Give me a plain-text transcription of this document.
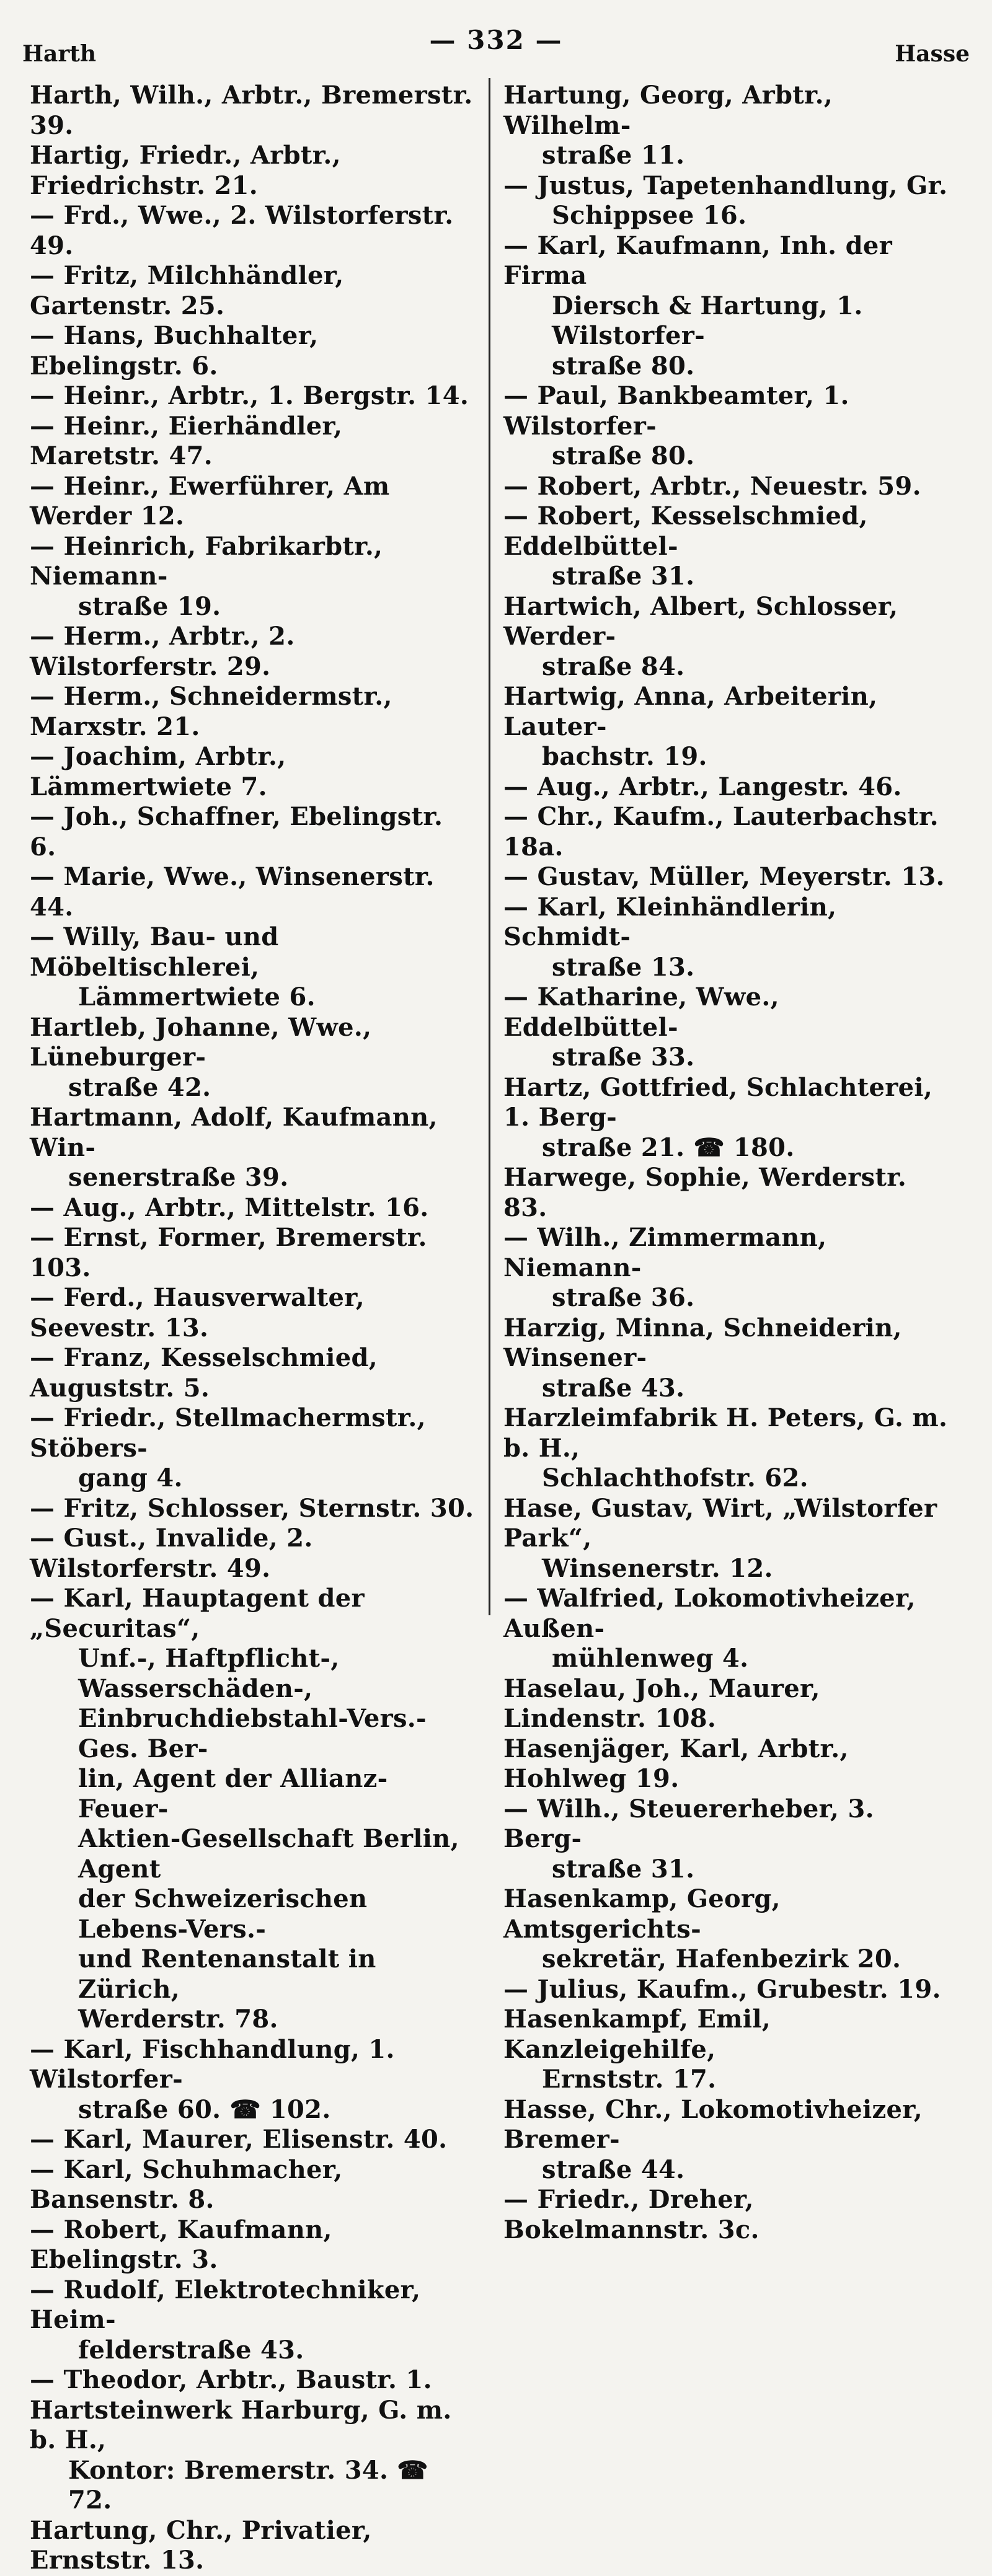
Harth	— 332 —	Hasse
Harth, Wilh., Arbtr., Bremerstr. 39.
Hartig, Friedr., Arbtr., Friedrichstr. 21.
— Frd., Wwe., 2. Wilstorferstr. 49.
— Fritz, Milchhändler, Gartenstr. 25.
— Hans, Buchhalter, Ebelingstr. 6.
— Heinr., Arbtr., 1. Bergstr. 14.
— Heinr., Eierhändler, Maretstr. 47.
— Heinr., Ewerführer, Am Werder 12.
— Heinrich, Fabrikarbtr., Niemann-
straße 19.
— Herm., Arbtr., 2. Wilstorferstr. 29.
— Herm., Schneidermstr., Marxstr. 21.
— Joachim, Arbtr., Lämmertwiete 7.
— Joh., Schaffner, Ebelingstr. 6.
— Marie, Wwe., Winsenerstr. 44.
— Willy, Bau- und Möbeltischlerei,
Lämmertwiete 6.
Hartleb, Johanne, Wwe., Lüneburger-
straße 42.
Hartmann, Adolf, Kaufmann, Win-
senerstraße 39.
— Aug., Arbtr., Mittelstr. 16.
— Ernst, Former, Bremerstr. 103.
— Ferd., Hausverwalter, Seevestr. 13.
— Franz, Kesselschmied, Auguststr. 5.
— Friedr., Stellmachermstr., Stöbers-
gang 4.
— Fritz, Schlosser, Sternstr. 30.
— Gust., Invalide, 2. Wilstorferstr. 49.
— Karl, Hauptagent der „Securitas“,
Unf.-, Haftpflicht-, Wasserschäden-,
Einbruchdiebstahl-Vers.-Ges. Ber-
lin, Agent der Allianz-Feuer-
Aktien-Gesellschaft Berlin, Agent
der Schweizerischen Lebens-Vers.-
und Rentenanstalt in Zürich,
Werderstr. 78.
— Karl, Fischhandlung, 1. Wilstorfer-
straße 60. ☎ 102.
— Karl, Maurer, Elisenstr. 40.
— Karl, Schuhmacher, Bansenstr. 8.
— Robert, Kaufmann, Ebelingstr. 3.
— Rudolf, Elektrotechniker, Heim-
felderstraße 43.
— Theodor, Arbtr., Baustr. 1.
Hartsteinwerk Harburg, G. m. b. H.,
Kontor: Bremerstr. 34. ☎ 72.
Hartung, Chr., Privatier, Ernststr. 13.
Hartung, Georg, Arbtr., Wilhelm-
straße 11.
— Justus, Tapetenhandlung, Gr.
Schippsee 16.
— Karl, Kaufmann, Inh. der Firma
Diersch & Hartung, 1. Wilstorfer-
straße 80.
— Paul, Bankbeamter, 1. Wilstorfer-
straße 80.
— Robert, Arbtr., Neuestr. 59.
— Robert, Kesselschmied, Eddelbüttel-
straße 31.
Hartwich, Albert, Schlosser, Werder-
straße 84.
Hartwig, Anna, Arbeiterin, Lauter-
bachstr. 19.
— Aug., Arbtr., Langestr. 46.
— Chr., Kaufm., Lauterbachstr. 18a.
— Gustav, Müller, Meyerstr. 13.
— Karl, Kleinhändlerin, Schmidt-
straße 13.
— Katharine, Wwe., Eddelbüttel-
straße 33.
Hartz, Gottfried, Schlachterei, 1. Berg-
straße 21. ☎ 180.
Harwege, Sophie, Werderstr. 83.
— Wilh., Zimmermann, Niemann-
straße 36.
Harzig, Minna, Schneiderin, Winsener-
straße 43.
Harzleimfabrik H. Peters, G. m. b. H.,
Schlachthofstr. 62.
Hase, Gustav, Wirt, „Wilstorfer Park“,
Winsenerstr. 12.
— Walfried, Lokomotivheizer, Außen-
mühlenweg 4.
Haselau, Joh., Maurer, Lindenstr. 108.
Hasenjäger, Karl, Arbtr., Hohlweg 19.
— Wilh., Steuererheber, 3. Berg-
straße 31.
Hasenkamp, Georg, Amtsgerichts-
sekretär, Hafenbezirk 20.
— Julius, Kaufm., Grubestr. 19.
Hasenkampf, Emil, Kanzleigehilfe,
Ernststr. 17.
Hasse, Chr., Lokomotivheizer, Bremer-
straße 44.
— Friedr., Dreher, Bokelmannstr. 3c.
